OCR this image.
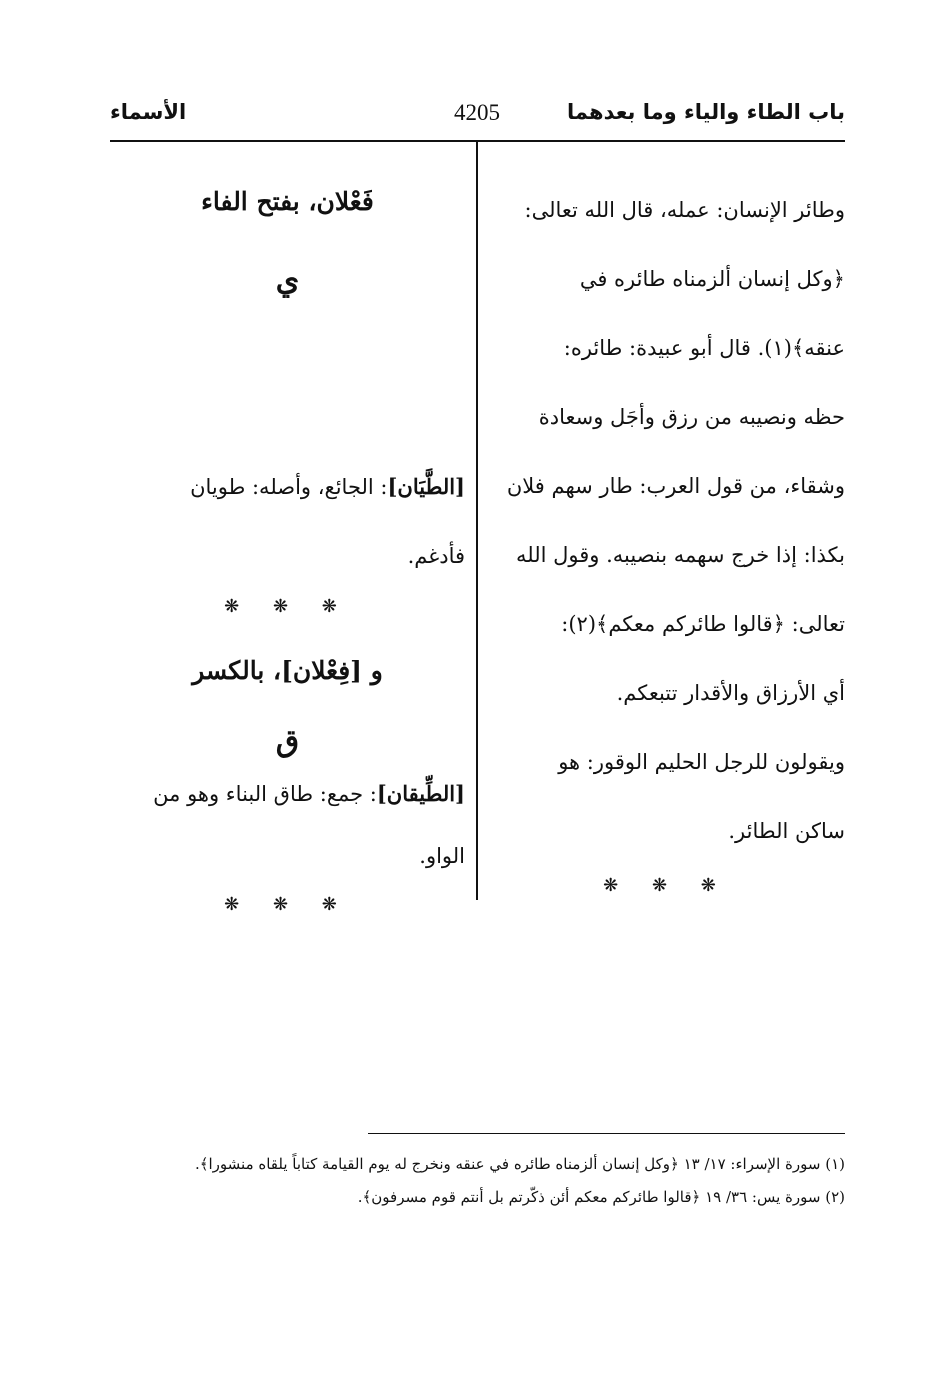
باب الطاء والياء وما بعدهما
4205
الأسماء

وطائر الإنسان: عمله، قال الله تعالى:

﴿وكل إنسان ألزمناه طائره في

عنقه﴾(١). قال أبو عبيدة: طائره:

حظه ونصيبه من رزق وأجَل وسعادة

وشقاء، من قول العرب: طار سهم فلان

بكذا: إذا خرج سهمه بنصيبه. وقول الله

تعالى: ﴿قالوا طائركم معكم﴾(٢):

أي الأرزاق والأقدار تتبعكم.

ويقولون للرجل الحليم الوقور: هو

ساكن الطائر.

❋ ❋ ❋
فَعْلان، بفتح الفاء
ي

[الطَّيَان]: الجائع، وأصله: طويان

فأدغم.

❋ ❋ ❋
و [فِعْلان]، بالكسر
ق

[الطِّيقان]: جمع: طاق البناء وهو من

الواو.

❋ ❋ ❋
(١) سورة الإسراء: ١٧/ ١٣ ﴿وكل إنسان ألزمناه طائره في عنقه ونخرج له يوم القيامة كتاباً يلقاه منشورا﴾.
(٢) سورة يس: ٣٦/ ١٩ ﴿قالوا طائركم معكم أئن ذكّرتم بل أنتم قوم مسرفون﴾.
